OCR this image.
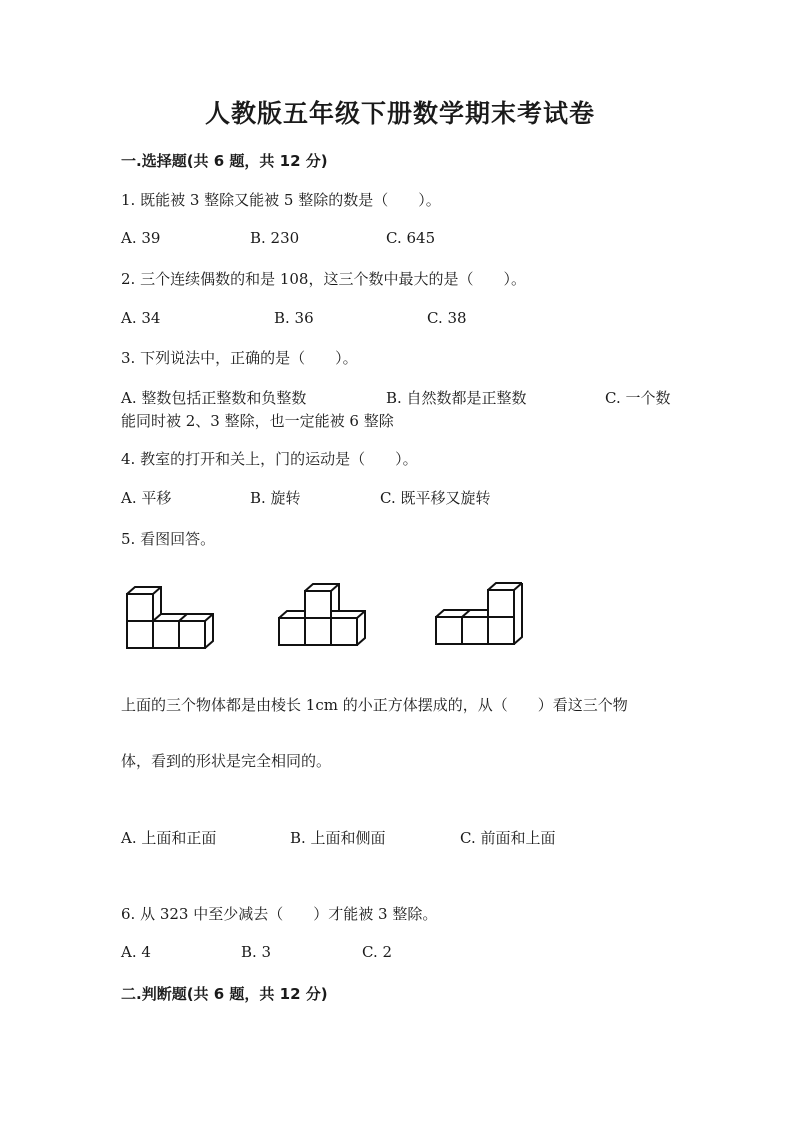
人教版五年级下册数学期末考试卷
一.选择题(共 6 题，共 12 分)
1. 既能被 3 整除又能被 5 整除的数是（　　）。
A. 39	B. 230	C. 645
2. 三个连续偶数的和是 108，这三个数中最大的是（　　）。
A. 34	B. 36	C. 38
3. 下列说法中，正确的是（　　）。
A. 整数包括正整数和负整数	B. 自然数都是正整数	C. 一个数
能同时被 2、3 整除，也一定能被 6 整除
4. 教室的打开和关上，门的运动是（　　）。
A. 平移	B. 旋转	C. 既平移又旋转
5. 看图回答。
上面的三个物体都是由棱长 1cm 的小正方体摆成的，从（　　）看这三个物
体，看到的形状是完全相同的。
A. 上面和正面	B. 上面和侧面	C. 前面和上面
6. 从 323 中至少减去（　　）才能被 3 整除。
A. 4	B. 3	C. 2
二.判断题(共 6 题，共 12 分)
